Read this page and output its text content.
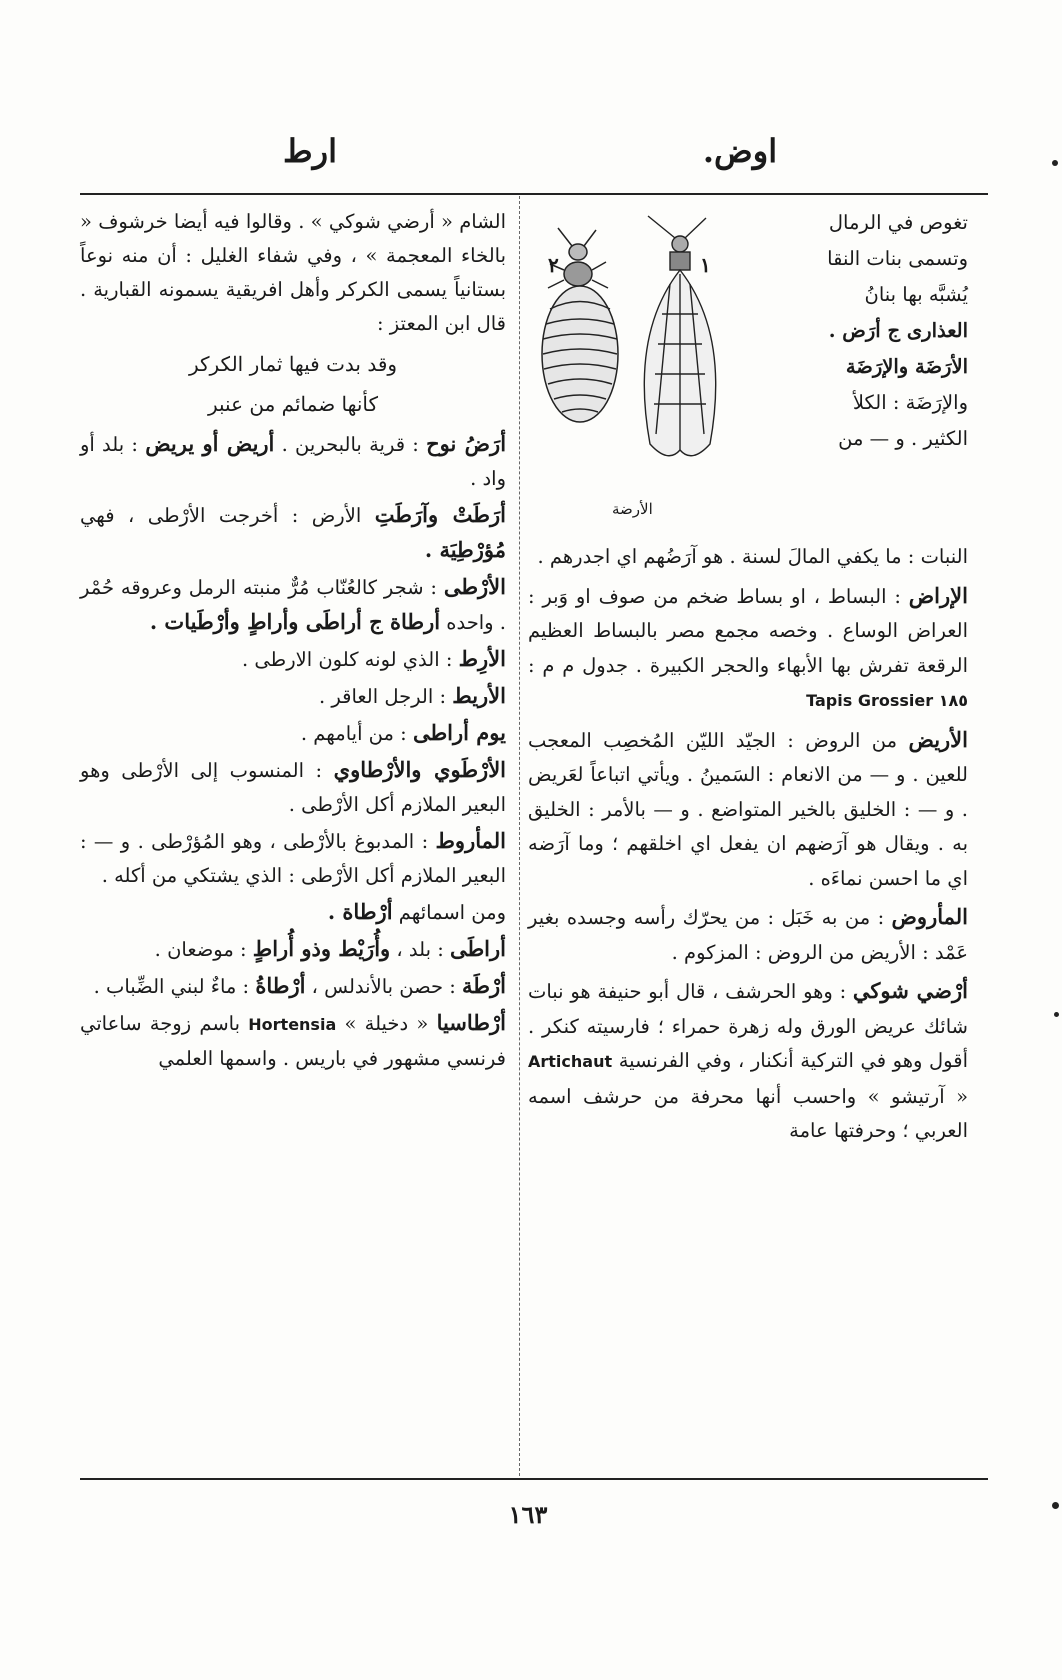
اوض.
ارط
٢	١
الأرضة
تغوص في الرمال
وتسمى بنات النقا
يُشبَّه بها بنانُ
العذارى ج أرَض .
الأرَضَة والإرَضَة
والإرَضَة : الكلأ
الكثير . و — من

النبات : ما يكفي المالَ لسنة . هو آرَضُهم اي اجدرهم .

الإراض : البساط ، او بساط ضخم من صوف او وَبر : العراض الوساع . وخصه مجمع مصر بالبساط العظيم الرقعة تفرش بها الأبهاء والحجر الكبيرة . جدول م م : Tapis Grossier ١٨٥

الأريض من الروض : الجيّد الليّن المُخصِب المعجب للعين . و — من الانعام : السَمينُ . ويأتي اتباعاً لعَريض . و — : الخليق بالخير المتواضع . و — بالأمر : الخليق به . ويقال هو آرَضهم ان يفعل اي اخلقهم ؛ وما آرَضه اي ما احسن نماءَه .

المأروض : من به خَبَل : من يحرّك رأسه وجسده بغير عَمْد : الأريض من الروض : المزكوم .

أرْضي شوكي : وهو الحرشف ، قال أبو حنيفة هو نبات شائك عريض الورق وله زهرة حمراء ؛ فارسيته كنكر . أقول وهو في التركية أنكنار ، وفي الفرنسية Artichaut « آرتيشو » واحسب أنها محرفة من حرشف اسمه العربي ؛ وحرفتها عامة

الشام « أرضي شوكي » . وقالوا فيه أيضا خرشوف « بالخاء المعجمة » ، وفي شفاء الغليل : أن منه نوعاً بستانياً يسمى الكركر وأهل افريقية يسمونه القبارية . قال ابن المعتز :

وقد بدت فيها ثمار الكركر

كأنها ضمائم من عنبر

أرَضُ نوح : قرية بالبحرين . أريض أو يريض : بلد أو واد .

أرَطَتْ وآرَطَتِ الأرض : أخرجت الأرْطى ، فهي مُؤرْطِيَة .

الأرْطى : شجر كالعُنّاب مُرٌّ منبته الرمل وعروقه حُمْر . واحده أرطاة ج أراطَى وأراطٍ وأرْطَيات .

الأرِط : الذي لونه كلون الارطى .

الأريط : الرجل العاقر .

يوم أراطى : من أيامهم .

الأرْطَوي والأرْطاوي : المنسوب إلى الأرْطى وهو البعير الملازم أكل الأرْطى .

المأروط : المدبوغ بالأرْطى ، وهو المُؤرْطى . و — : البعير الملازم أكل الأرْطى : الذي يشتكي من أكله .

ومن اسمائهم أرْطاة .

أراطَى : بلد ، وأُرَيْط وذو أُراطٍ : موضعان .

أرْطَة : حصن بالأندلس ، أرْطاةُ : ماءٌ لبني الضِّباب .

أرْطاسيا « دخيلة » Hortensia باسم زوجة ساعاتي فرنسي مشهور في باريس . واسمها العلمي

١٦٣
